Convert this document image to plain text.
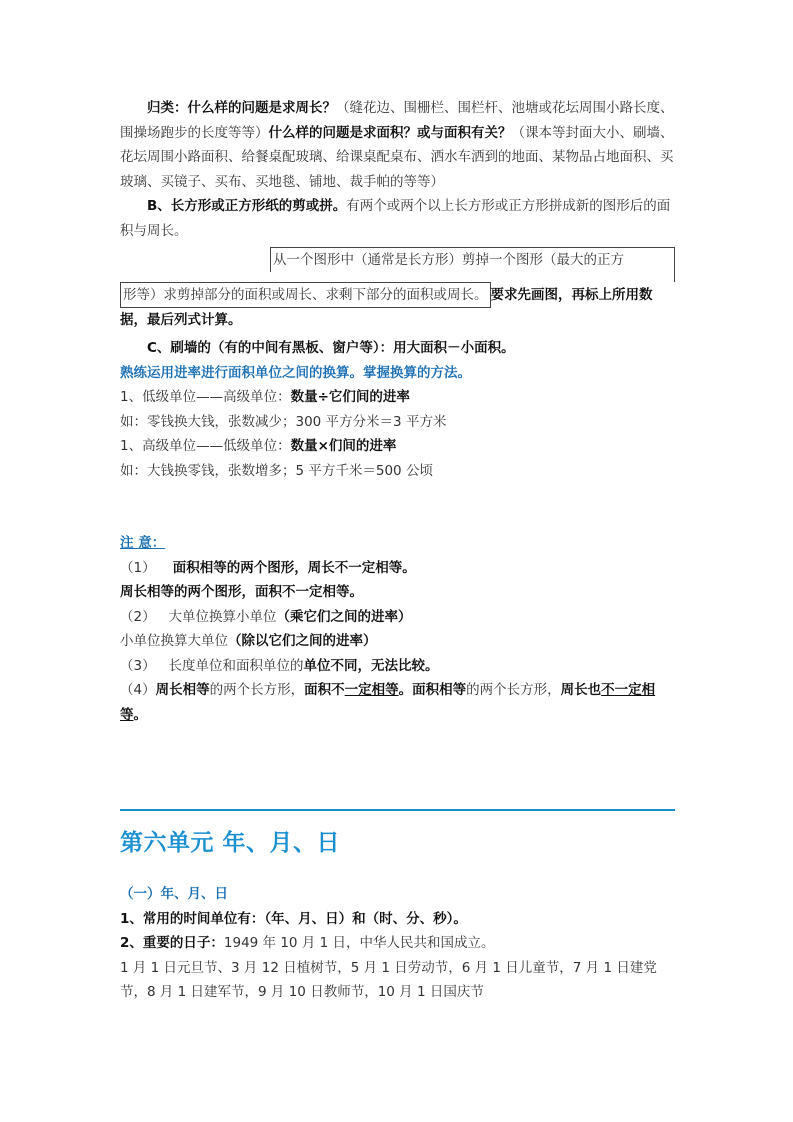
归类：什么样的问题是求周长？（缝花边、围栅栏、围栏杆、池塘或花坛周围小路长度、围操场跑步的长度等等）什么样的问题是求面积？或与面积有关？（课本等封面大小、刷墙、花坛周围小路面积、给餐桌配玻璃、给课桌配桌布、洒水车洒到的地面、某物品占地面积、买玻璃、买镜子、买布、买地毯、铺地、裁手帕的等等）

B、长方形或正方形纸的剪或拼。有两个或两个以上长方形或正方形拼成新的图形后的面积与周长。

从一个图形中（通常是长方形）剪掉一个图形（最大的正方
形等）求剪掉部分的面积或周长、求剩下部分的面积或周长。 要求先画图，再标上所用数据，最后列式计算。

C、刷墙的（有的中间有黑板、窗户等）：用大面积－小面积。

熟练运用进率进行面积单位之间的换算。掌握换算的方法。

1、低级单位——高级单位：数量÷它们间的进率

如：零钱换大钱，张数减少；300 平方分米＝3 平方米

1、高级单位——低级单位：数量×们间的进率

如：大钱换零钱，张数增多；5 平方千米＝500 公顷

注 意：

（1） 面积相等的两个图形，周长不一定相等。

周长相等的两个图形，面积不一定相等。

（2） 大单位换算小单位（乘它们之间的进率）

小单位换算大单位（除以它们之间的进率）

（3） 长度单位和面积单位的单位不同，无法比较。

（4）周长相等的两个长方形，面积不一定相等。面积相等的两个长方形，周长也不一定相等。

第六单元 年、月、日

（一）年、月、日

1、常用的时间单位有：（年、月、日）和（时、分、秒）。

2、重要的日子：1949 年 10 月 1 日，中华人民共和国成立。

1 月 1 日元旦节、3 月 12 日植树节，5 月 1 日劳动节，6 月 1 日儿童节，7 月 1 日建党节，8 月 1 日建军节，9 月 10 日教师节，10 月 1 日国庆节
